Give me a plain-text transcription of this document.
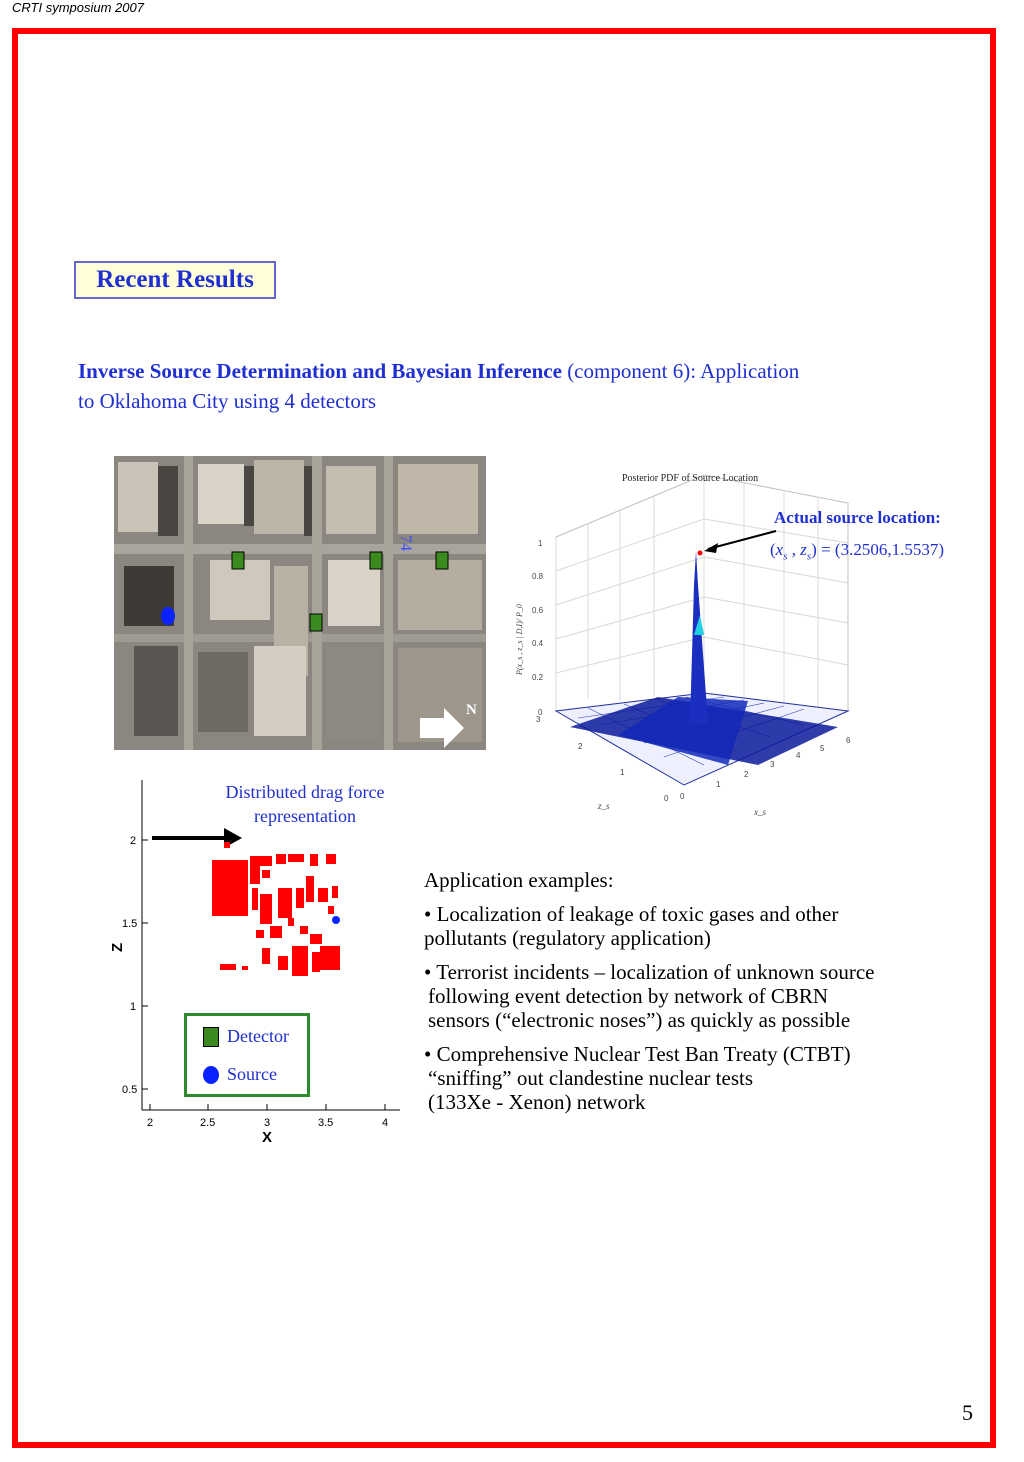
CRTI symposium 2007
Recent Results
Inverse Source Determination and Bayesian Inference (component 6): Application
to Oklahoma City using 4 detectors
74
N
1
0.8
0.6
0.4
0.2
0
0
1
2
3
4
5
6
0
1
2
3
Posterior PDF of Source Location
P(x_s , z_s | D,I)/ P_0
x_s
z_s
Actual source location:
($x_s$ , $z_s) = (3.2506,1.5537)$
2
1.5
1
0.5
2	2.5	3	3.5	4
X
Z
Distributed drag force
representation
Detector
Source
Application examples:
• Localization of leakage of toxic gases and other
pollutants (regulatory application)
• Terrorist incidents – localization of unknown source
following event detection by network of CBRN
sensors (“electronic noses”) as quickly as possible
• Comprehensive Nuclear Test Ban Treaty (CTBT)
“sniffing” out clandestine nuclear tests
(133Xe - Xenon) network
5
